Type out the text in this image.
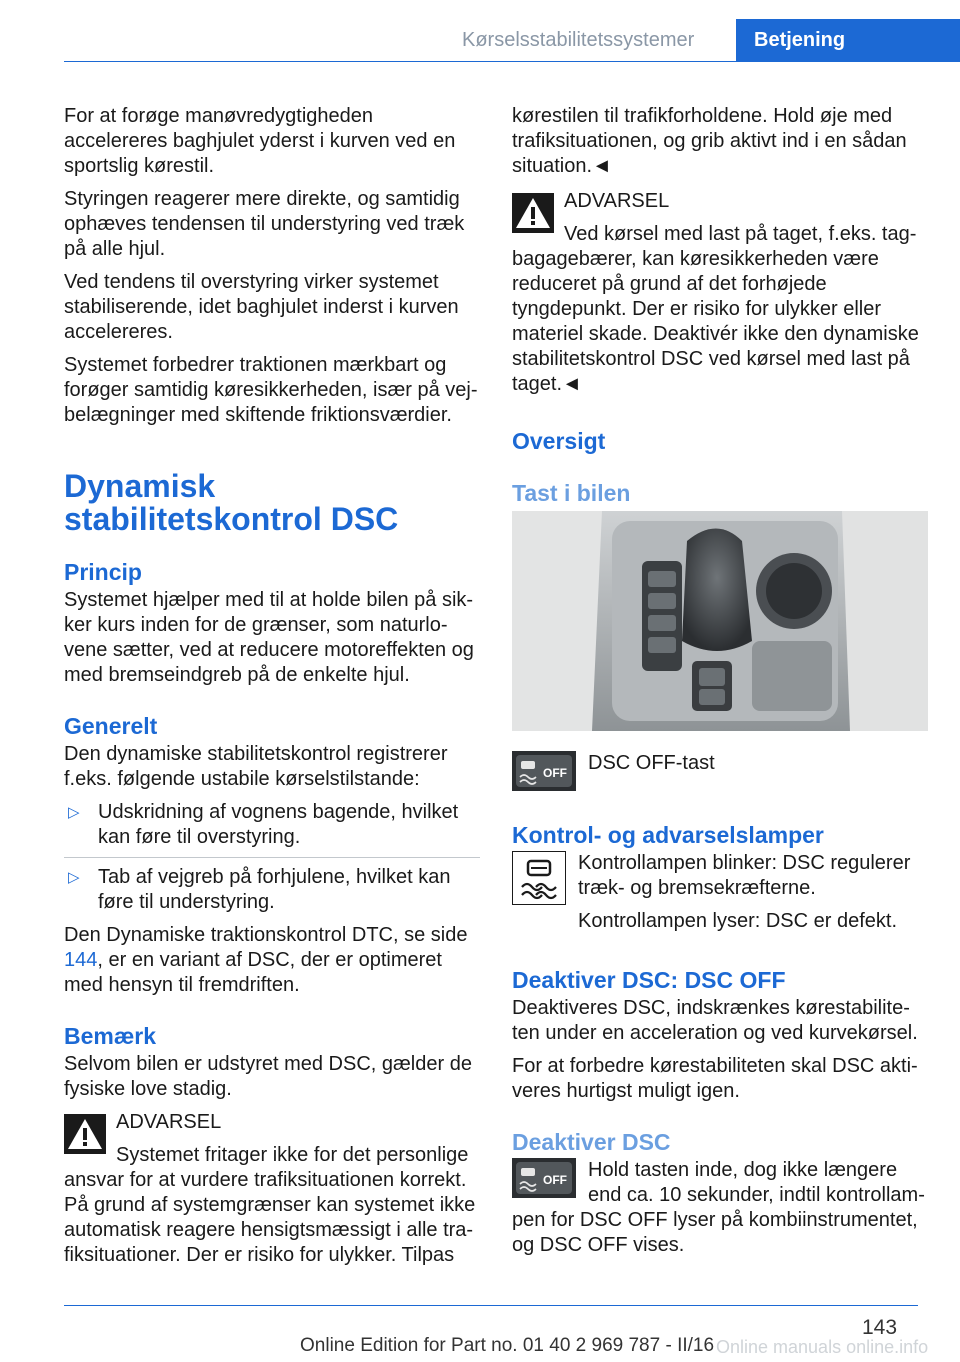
Kørselsstabilitetssystemer	Betjening

For at forøge manøvredygtigheden accelereres baghjulet yderst i kurven ved en sportslig kørestil.

Styringen reagerer mere direkte, og samtidig ophæves tendensen til understyring ved træk på alle hjul.

Ved tendens til overstyring virker systemet stabiliserende, idet baghjulet inderst i kurven accelereres.

Systemet forbedrer traktionen mærkbart og forøger samtidig køresikkerheden, især på vejbelægninger med skiftende friktionsværdier.

Dynamisk stabilitetskontrol DSC
Princip

Systemet hjælper med til at holde bilen på sikker kurs inden for de grænser, som naturlovene sætter, ved at reducere motoreffekten og med bremseindgreb på de enkelte hjul.

Generelt

Den dynamiske stabilitetskontrol registrerer f.eks. følgende ustabile kørselstilstande:

▷ Udskridning af vognens bagende, hvilket kan føre til overstyring.
▷ Tab af vejgreb på forhjulene, hvilket kan føre til understyring.

Den Dynamiske traktionskontrol DTC, se side 144, er en variant af DSC, der er optimeret med hensyn til fremdriften.

Bemærk

Selvom bilen er udstyret med DSC, gælder de fysiske love stadig.

ADVARSEL
Systemet fritager ikke for det personlige ansvar for at vurdere trafiksituationen korrekt. På grund af systemgrænser kan systemet ikke automatisk reagere hensigtsmæssigt i alle trafiksituationer. Der er risiko for ulykker. Tilpas

kørestilen til trafikforholdene. Hold øje med trafiksituationen, og grib aktivt ind i en sådan situation.◄

ADVARSEL
Ved kørsel med last på taget, f.eks. tagbagagebærer, kan køresikkerheden være reduceret på grund af det forhøjede tyngdepunkt. Der er risiko for ulykker eller materiel skade. Deaktivér ikke den dynamiske stabilitetskontrol DSC ved kørsel med last på taget.◄
Oversigt
Tast i bilen
OFF DSC OFF-tast
Kontrol- og advarselslamper

Kontrollampen blinker: DSC regulerer træk- og bremsekræfterne.

Kontrollampen lyser: DSC er defekt.

Deaktiver DSC: DSC OFF

Deaktiveres DSC, indskrænkes kørestabiliteten under en acceleration og ved kurvekørsel.

For at forbedre kørestabiliteten skal DSC aktiveres hurtigst muligt igen.

Deaktiver DSC
OFF	Hold tasten inde, dog ikke længere end ca. 10 sekunder, indtil kontrollampen for DSC OFF lyser på kombiinstrumentet, og DSC OFF vises.

143
Online Edition for Part no. 01 40 2 969 787 - II/16 Online manuals online.info
